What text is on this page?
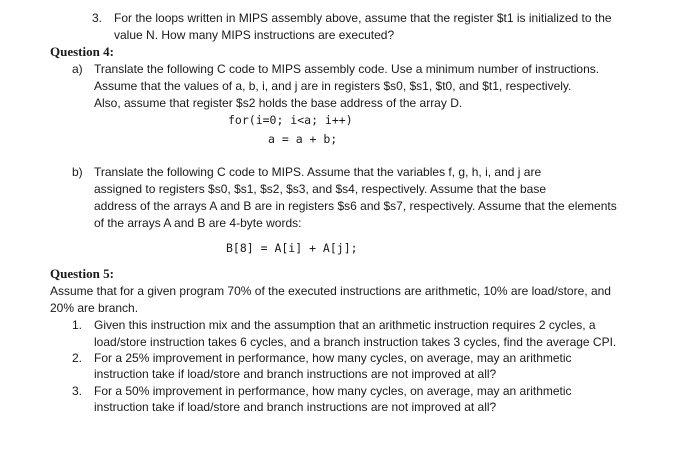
3. For the loops written in MIPS assembly above, assume that the register $t1 is initialized to the
value N. How many MIPS instructions are executed?
Question 4:
a) Translate the following C code to MIPS assembly code. Use a minimum number of instructions.
Assume that the values of a, b, i, and j are in registers $s0, $s1, $t0, and $t1, respectively.
Also, assume that register $s2 holds the base address of the array D.
for(i=0; i<a; i++)
a = a + b;
b) Translate the following C code to MIPS. Assume that the variables f, g, h, i, and j are
assigned to registers $s0, $s1, $s2, $s3, and $s4, respectively. Assume that the base
address of the arrays A and B are in registers $s6 and $s7, respectively. Assume that the elements
of the arrays A and B are 4-byte words:
B[8] = A[i] + A[j];
Question 5:
Assume that for a given program 70% of the executed instructions are arithmetic, 10% are load/store, and
20% are branch.
1. Given this instruction mix and the assumption that an arithmetic instruction requires 2 cycles, a
load/store instruction takes 6 cycles, and a branch instruction takes 3 cycles, find the average CPI.
2. For a 25% improvement in performance, how many cycles, on average, may an arithmetic
instruction take if load/store and branch instructions are not improved at all?
3. For a 50% improvement in performance, how many cycles, on average, may an arithmetic
instruction take if load/store and branch instructions are not improved at all?
